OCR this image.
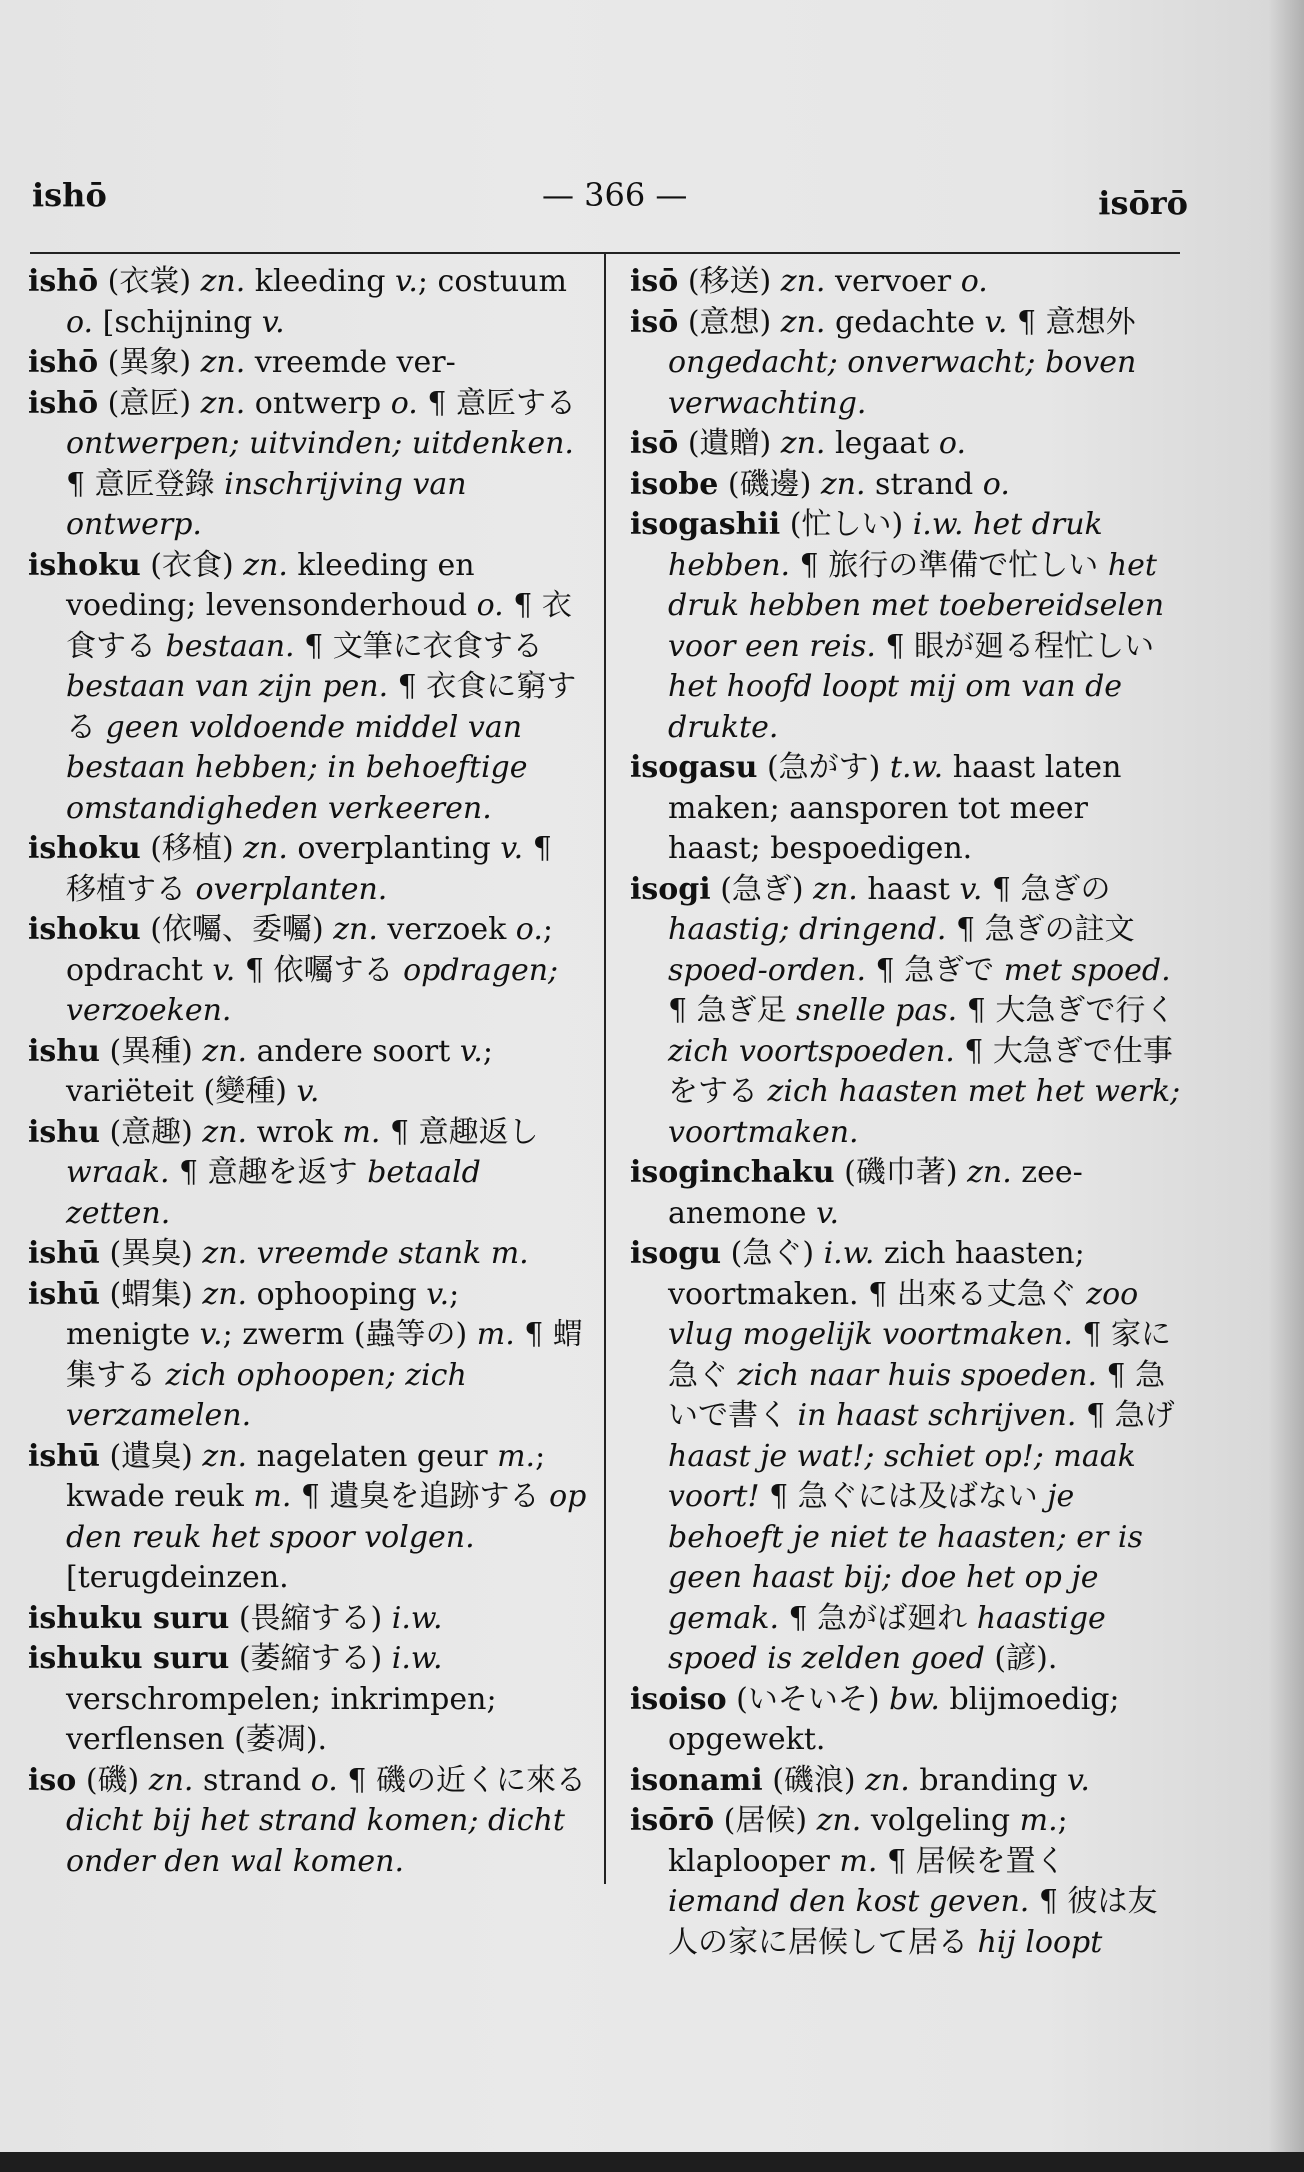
ishō	— 366 —	isōrō

ishō (衣裳) zn. kleeding v.; costuum o. [schijning v.

ishō (異象) zn. vreemde ver-

ishō (意匠) zn. ontwerp o. ¶ 意匠する ontwerpen; uitvinden; uitdenken. ¶ 意匠登錄 inschrijving van ontwerp.

ishoku (衣食) zn. kleeding en voeding; levensonderhoud o. ¶ 衣食する bestaan. ¶ 文筆に衣食する bestaan van zijn pen. ¶ 衣食に窮する geen voldoende middel van bestaan hebben; in behoeftige omstandigheden verkeeren.

ishoku (移植) zn. overplanting v. ¶ 移植する overplanten.

ishoku (依囑、委囑) zn. verzoek o.; opdracht v. ¶ 依囑する opdragen; verzoeken.

ishu (異種) zn. andere soort v.; variëteit (變種) v.

ishu (意趣) zn. wrok m. ¶ 意趣返し wraak. ¶ 意趣を返す betaald zetten.

ishū (異臭) zn. vreemde stank m.

ishū (蝟集) zn. ophooping v.; menigte v.; zwerm (蟲等の) m. ¶ 蝟集する zich ophoopen; zich verzamelen.

ishū (遺臭) zn. nagelaten geur m.; kwade reuk m. ¶ 遺臭を追跡する op den reuk het spoor volgen. [terugdeinzen.

ishuku suru (畏縮する) i.w.

ishuku suru (萎縮する) i.w. verschrompelen; inkrimpen; verflensen (萎凋).

iso (磯) zn. strand o. ¶ 磯の近くに來る dicht bij het strand komen; dicht onder den wal komen.

isō (移送) zn. vervoer o.

isō (意想) zn. gedachte v. ¶ 意想外 ongedacht; onverwacht; boven verwachting.

isō (遺贈) zn. legaat o.

isobe (磯邊) zn. strand o.

isogashii (忙しい) i.w. het druk hebben. ¶ 旅行の準備で忙しい het druk hebben met toebereidselen voor een reis. ¶ 眼が廻る程忙しい het hoofd loopt mij om van de drukte.

isogasu (急がす) t.w. haast laten maken; aansporen tot meer haast; bespoedigen.

isogi (急ぎ) zn. haast v. ¶ 急ぎの haastig; dringend. ¶ 急ぎの註文 spoed-orden. ¶ 急ぎで met spoed. ¶ 急ぎ足 snelle pas. ¶ 大急ぎで行く zich voortspoeden. ¶ 大急ぎで仕事をする zich haasten met het werk; voortmaken.

isoginchaku (磯巾著) zn. zee-anemone v.

isogu (急ぐ) i.w. zich haasten; voortmaken. ¶ 出來る丈急ぐ zoo vlug mogelijk voortmaken. ¶ 家に急ぐ zich naar huis spoeden. ¶ 急いで書く in haast schrijven. ¶ 急げ haast je wat!; schiet op!; maak voort! ¶ 急ぐには及ばない je behoeft je niet te haasten; er is geen haast bij; doe het op je gemak. ¶ 急がば廻れ haastige spoed is zelden goed (諺).

isoiso (いそいそ) bw. blijmoedig; opgewekt.

isonami (磯浪) zn. branding v.

isōrō (居候) zn. volgeling m.; klaplooper m. ¶ 居候を置く iemand den kost geven. ¶ 彼は友人の家に居候して居る hij loopt
